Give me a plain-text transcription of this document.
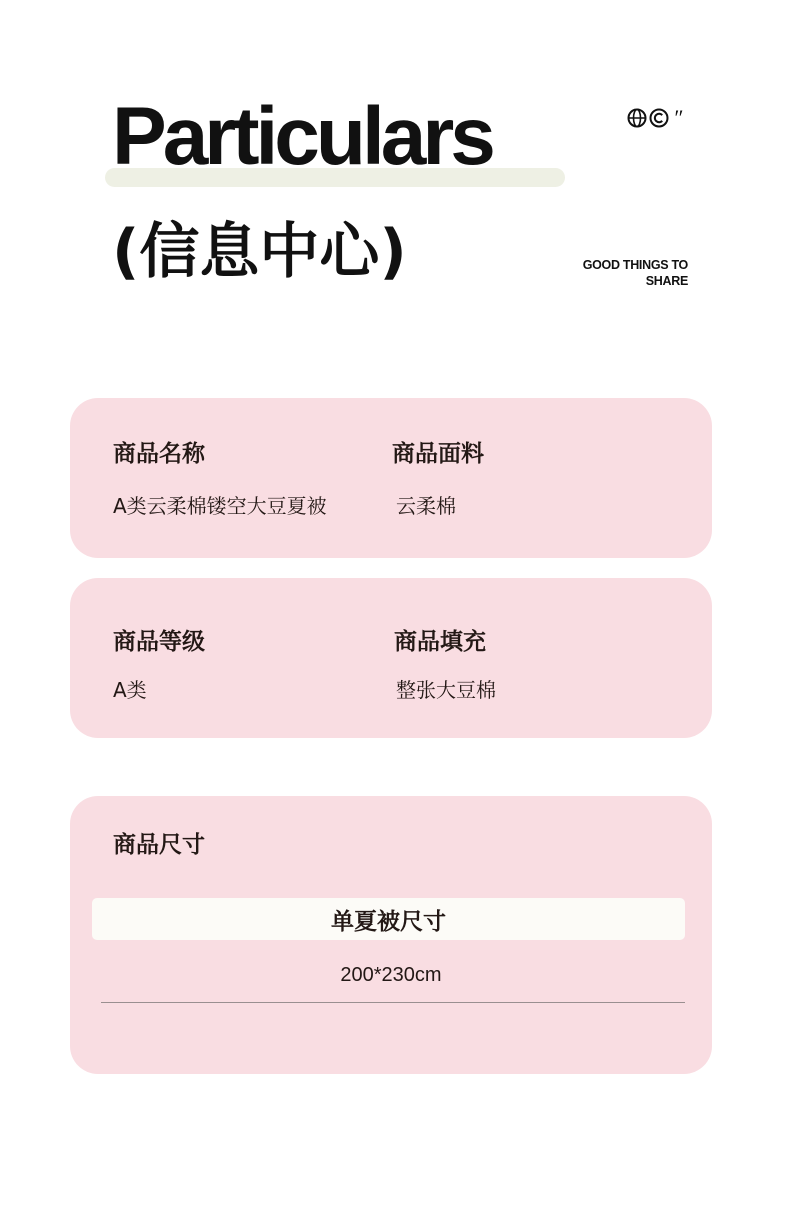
Particulars
(信息中心)
″
GOOD THINGS TO
SHARE

商品名称

A类云柔棉镂空大豆夏被

商品面料

云柔棉

商品等级

A类

商品填充

整张大豆棉

商品尺寸

单夏被尺寸
200*230cm
